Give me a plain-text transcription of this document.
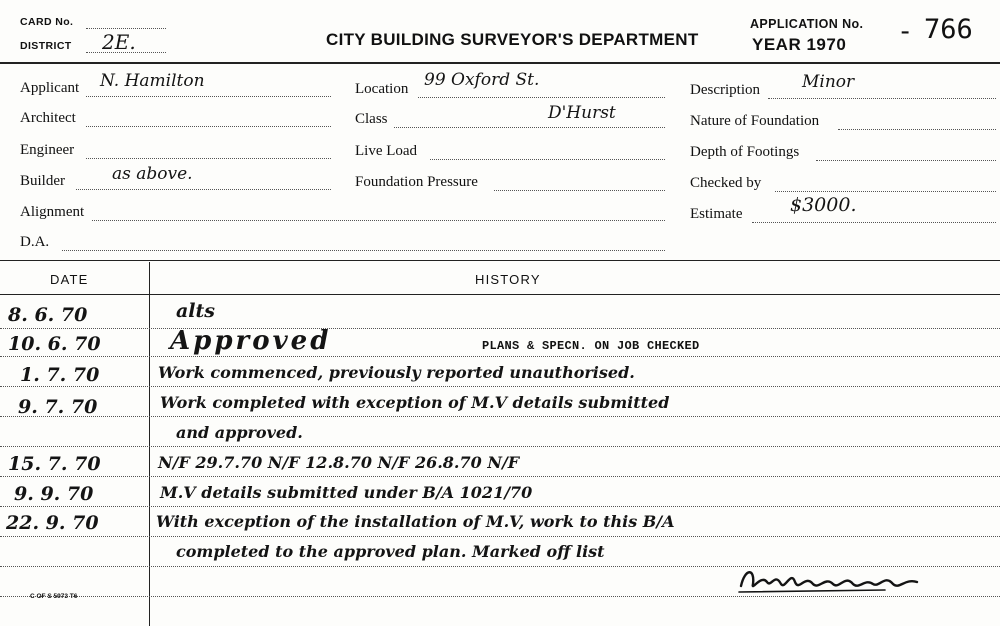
CARD No.
DISTRICT 2E.	CITY BUILDING SURVEYOR'S DEPARTMENT
APPLICATION No.
YEAR 1970 - 766
Applicant N. Hamilton
Architect
Engineer
Builder	as above.
Alignment
D.A.
Location 99 Oxford St.
Class	D'Hurst
Live Load
Foundation Pressure
Description Minor
Nature of Foundation
Depth of Footings
Checked by
Estimate	$3000.
DATE	HISTORY
8. 6. 70	alts
10. 6. 70	Approved	PLANS & SPECN. ON JOB CHECKED
1. 7. 70	Work commenced, previously reported unauthorised.
9. 7. 70	Work completed with exception of M.V details submitted
and approved.
15. 7. 70	N/F 29.7.70 N/F 12.8.70 N/F 26.8.70 N/F
9. 9. 70	M.V details submitted under B/A 1021/70
22. 9. 70	With exception of the installation of M.V, work to this B/A
completed to the approved plan. Marked off list
C OF S 5973 T6
